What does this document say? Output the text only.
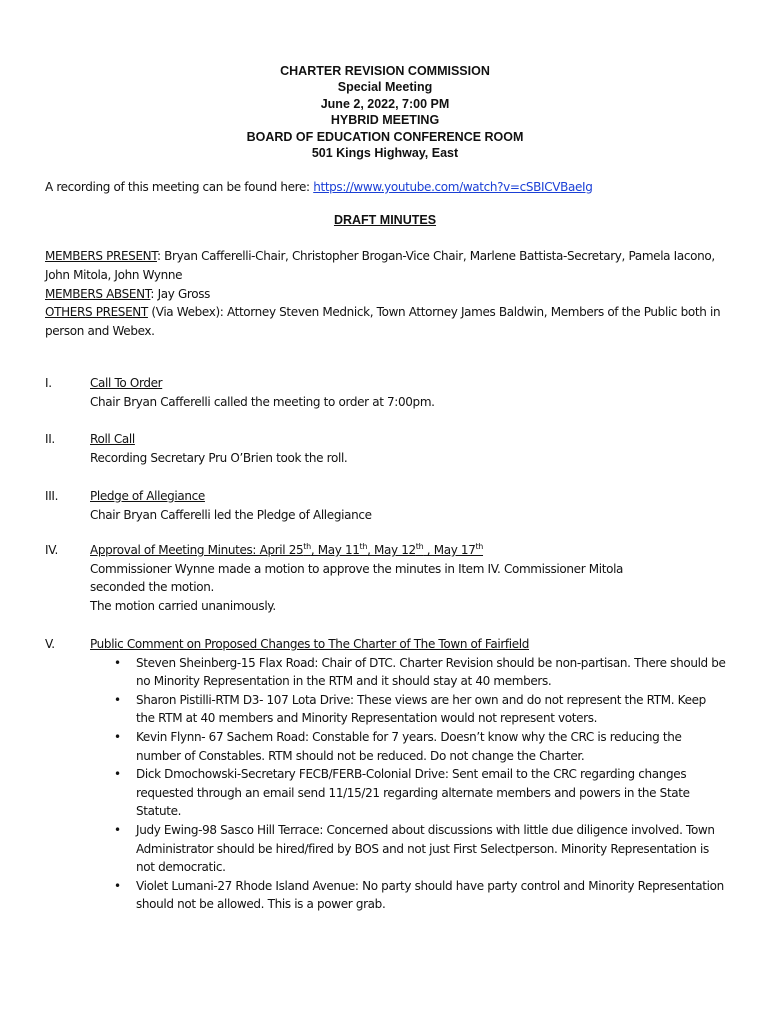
CHARTER REVISION COMMISSION
Special Meeting
June 2, 2022, 7:00 PM
HYBRID MEETING
BOARD OF EDUCATION CONFERENCE ROOM
501 Kings Highway, East
A recording of this meeting can be found here: https://www.youtube.com/watch?v=cSBICVBaeIg
DRAFT MINUTES

MEMBERS PRESENT: Bryan Cafferelli-Chair, Christopher Brogan-Vice Chair, Marlene Battista-Secretary, Pamela Iacono, John Mitola, John Wynne

MEMBERS ABSENT: Jay Gross

OTHERS PRESENT (Via Webex): Attorney Steven Mednick, Town Attorney James Baldwin, Members of the Public both in person and Webex.

I.	Call To Order
Chair Bryan Cafferelli called the meeting to order at 7:00pm.
II.	Roll Call
Recording Secretary Pru O’Brien took the roll.
III.	Pledge of Allegiance
Chair Bryan Cafferelli led the Pledge of Allegiance
IV.	Approval of Meeting Minutes: April 25th, May 11th, May 12th , May 17th
Commissioner Wynne made a motion to approve the minutes in Item IV. Commissioner Mitola
seconded the motion.
The motion carried unanimously.
V.	Public Comment on Proposed Changes to The Charter of The Town of Fairfield
• Steven Sheinberg-15 Flax Road: Chair of DTC. Charter Revision should be non-partisan. There should be no Minority Representation in the RTM and it should stay at 40 members.
• Sharon Pistilli-RTM D3- 107 Lota Drive: These views are her own and do not represent the RTM. Keep the RTM at 40 members and Minority Representation would not represent voters.
• Kevin Flynn- 67 Sachem Road: Constable for 7 years. Doesn’t know why the CRC is reducing the number of Constables. RTM should not be reduced. Do not change the Charter.
• Dick Dmochowski-Secretary FECB/FERB-Colonial Drive: Sent email to the CRC regarding changes requested through an email send 11/15/21 regarding alternate members and powers in the State Statute.
• Judy Ewing-98 Sasco Hill Terrace: Concerned about discussions with little due diligence involved. Town Administrator should be hired/fired by BOS and not just First Selectperson. Minority Representation is not democratic.
• Violet Lumani-27 Rhode Island Avenue: No party should have party control and Minority Representation should not be allowed. This is a power grab.
